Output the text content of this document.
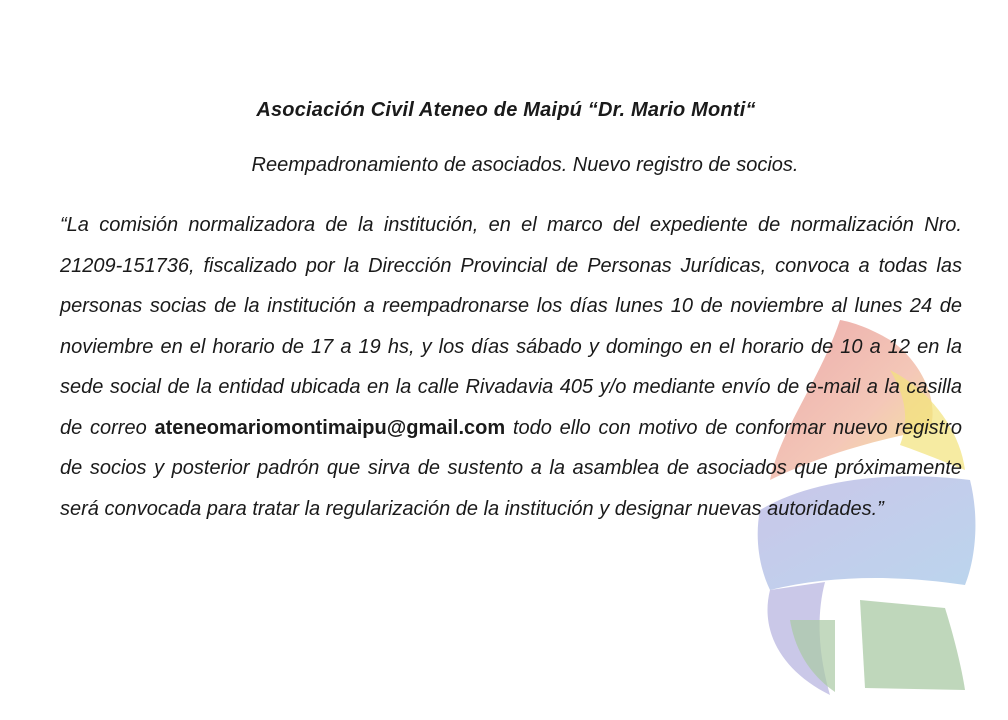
Asociación Civil Ateneo de Maipú “Dr. Mario Monti“
Reempadronamiento de asociados. Nuevo registro de socios.

“La comisión normalizadora de la institución, en el marco del expediente de normalización Nro. 21209-151736, fiscalizado por la Dirección Provincial de Personas Jurídicas, convoca a todas las personas socias de la institución a reempadronarse los días lunes 10 de noviembre al lunes 24 de noviembre en el horario de 17 a 19 hs, y los días sábado y domingo en el horario de 10 a 12 en la sede social de la entidad ubicada en la calle Rivadavia 405 y/o mediante envío de e-mail a la casilla de correo ateneomariomontimaipu@gmail.com todo ello con motivo de conformar nuevo registro de socios y posterior padrón que sirva de sustento a la asamblea de asociados que próximamente será convocada para tratar la regularización de la institución y designar nuevas autoridades.”
